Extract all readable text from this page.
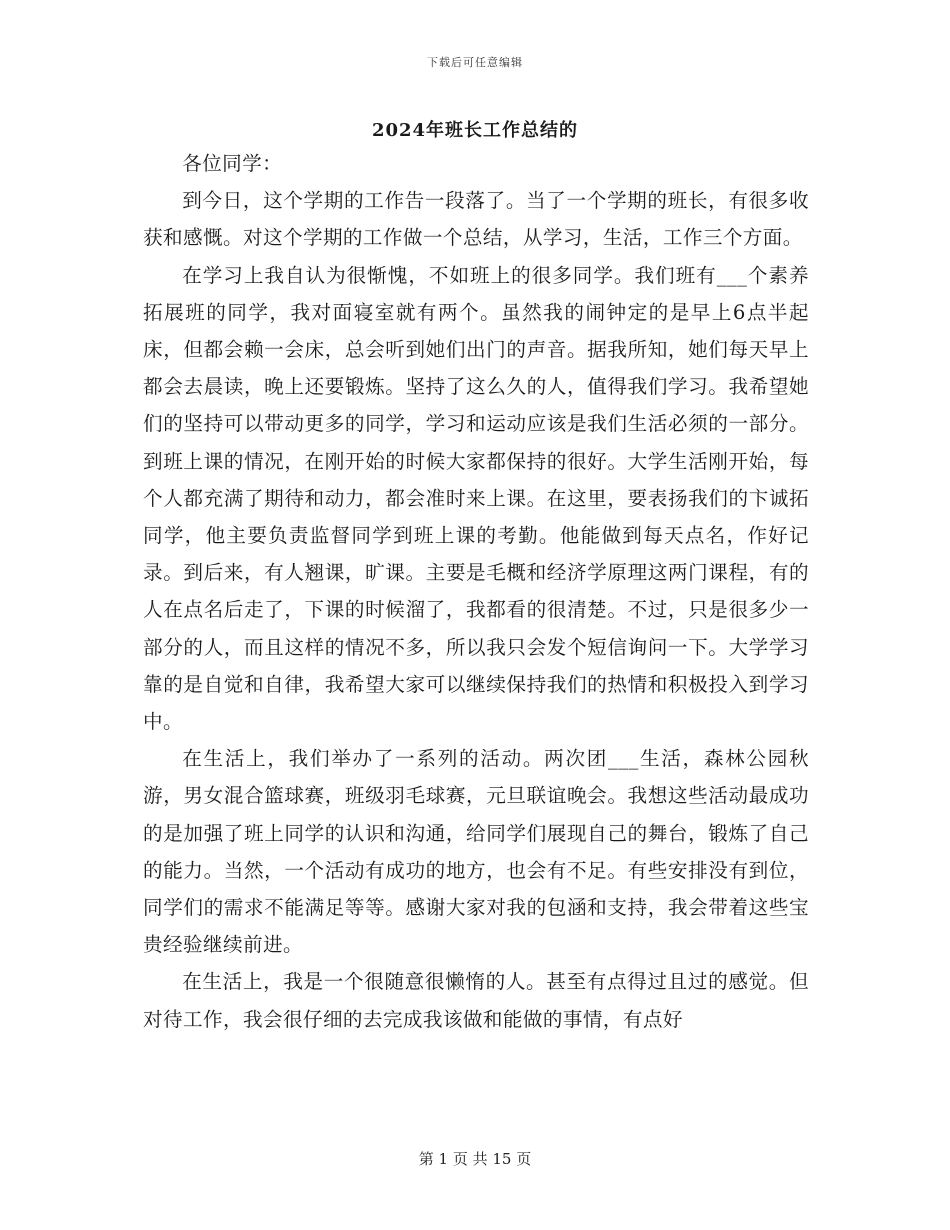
下载后可任意编辑
2024年班长工作总结的

各位同学：

到今日，这个学期的工作告一段落了。当了一个学期的班长，有很多收获和感慨。对这个学期的工作做一个总结，从学习，生活，工作三个方面。

在学习上我自认为很惭愧，不如班上的很多同学。我们班有___个素养拓展班的同学，我对面寝室就有两个。虽然我的闹钟定的是早上6点半起床，但都会赖一会床，总会听到她们出门的声音。据我所知，她们每天早上都会去晨读，晚上还要锻炼。坚持了这么久的人，值得我们学习。我希望她们的坚持可以带动更多的同学，学习和运动应该是我们生活必须的一部分。到班上课的情况，在刚开始的时候大家都保持的很好。大学生活刚开始，每个人都充满了期待和动力，都会准时来上课。在这里，要表扬我们的卞诚拓同学，他主要负责监督同学到班上课的考勤。他能做到每天点名，作好记录。到后来，有人翘课，旷课。主要是毛概和经济学原理这两门课程，有的人在点名后走了，下课的时候溜了，我都看的很清楚。不过，只是很多少一部分的人，而且这样的情况不多，所以我只会发个短信询问一下。大学学习靠的是自觉和自律，我希望大家可以继续保持我们的热情和积极投入到学习中。

在生活上，我们举办了一系列的活动。两次团___生活，森林公园秋游，男女混合篮球赛，班级羽毛球赛，元旦联谊晚会。我想这些活动最成功的是加强了班上同学的认识和沟通，给同学们展现自己的舞台，锻炼了自己的能力。当然，一个活动有成功的地方，也会有不足。有些安排没有到位，同学们的需求不能满足等等。感谢大家对我的包涵和支持，我会带着这些宝贵经验继续前进。

在生活上，我是一个很随意很懒惰的人。甚至有点得过且过的感觉。但对待工作，我会很仔细的去完成我该做和能做的事情，有点好

第 1 页 共 15 页
